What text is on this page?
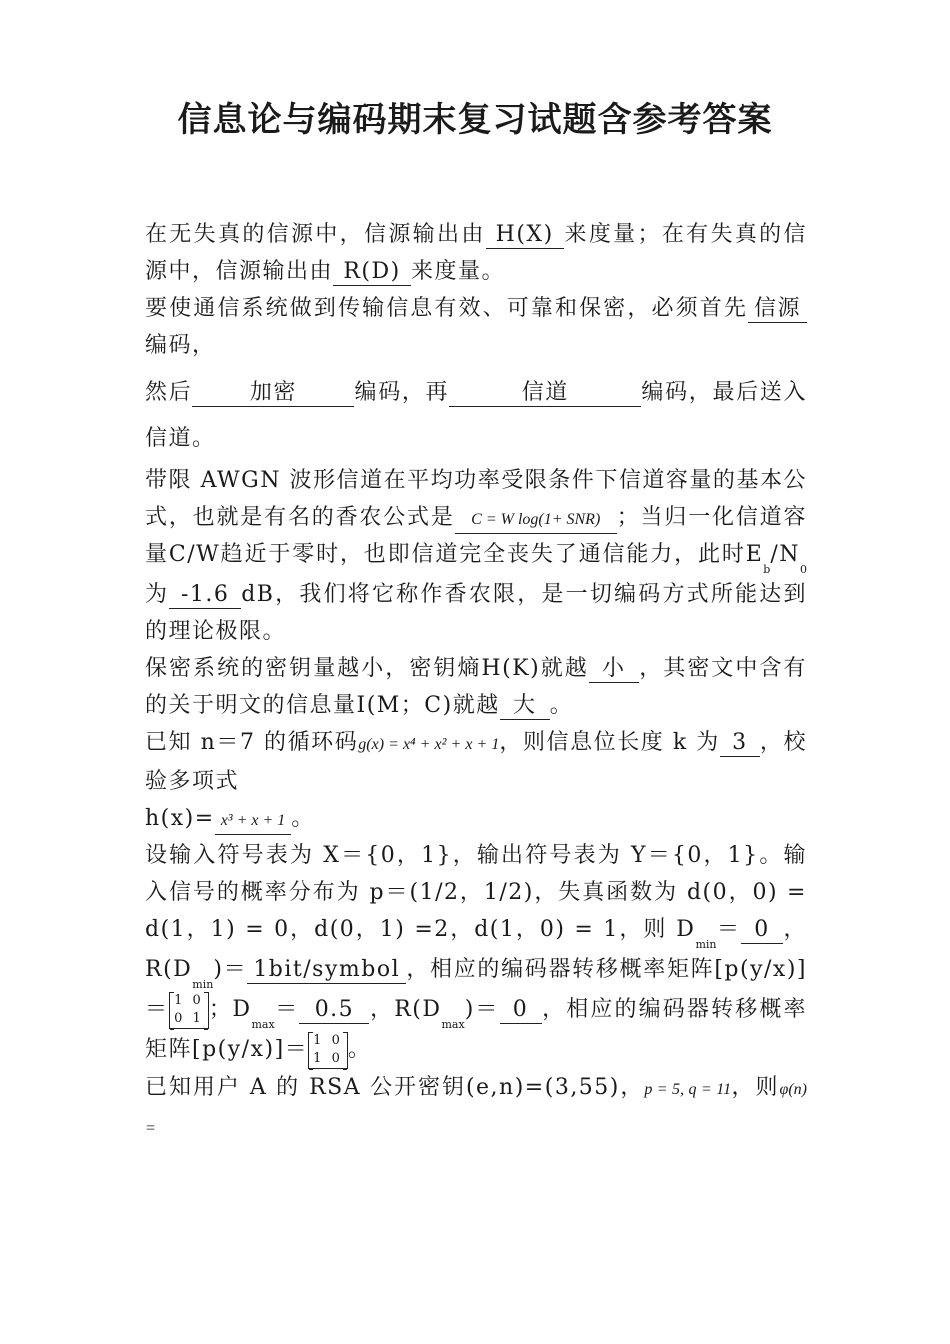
信息论与编码期末复习试题含参考答案

在无失真的信源中，信源输出由 H(X) 来度量；在有失真的信源中，信源输出由 R(D) 来度量。

要使通信系统做到传输信息有效、可靠和保密，必须首先 信源编码，

然后	加密	编码，再	信道	编码，最后送入信道。

带限 AWGN 波形信道在平均功率受限条件下信道容量的基本公式，也就是有名的香农公式是 C = W log(1+ SNR) ；当归一化信道容量C/W趋近于零时，也即信道完全丧失了通信能力，此时$E_b/N_0$为 -1.6 dB，我们将它称作香农限，是一切编码方式所能达到的理论极限。

保密系统的密钥量越小，密钥熵H(K)就越 小 ，其密文中含有的关于明文的信息量I(M；C)就越 大 。

已知 n＝7 的循环码g(x) = x⁴ + x² + x + 1，则信息位长度 k 为 3 ，校验多项式

h(x)= x³ + x + 1 。

设输入符号表为 X＝{0，1}，输出符号表为 Y＝{0，1}。输入信号的概率分布为 p＝(1/2，1/2)，失真函数为 d(0，0) = d(1，1) = 0，d(0，1) =2，d(1，0) = 1，则 $D_{min}= 0$ ，$R(D_{min})=$ 1bit/symbol ，相应的编码器转移概率矩阵[p(y/x)]＝ 1 0
0 1 ；$D_{max}= 0.5$ ，$R(D_{max})= 0$ ，相应的编码器转移概率矩阵[p(y/x)]＝ 1 0
1 0 。

已知用户 A 的 RSA 公开密钥(e,n)=(3,55)，p = 5, q = 11，则φ(n) =
